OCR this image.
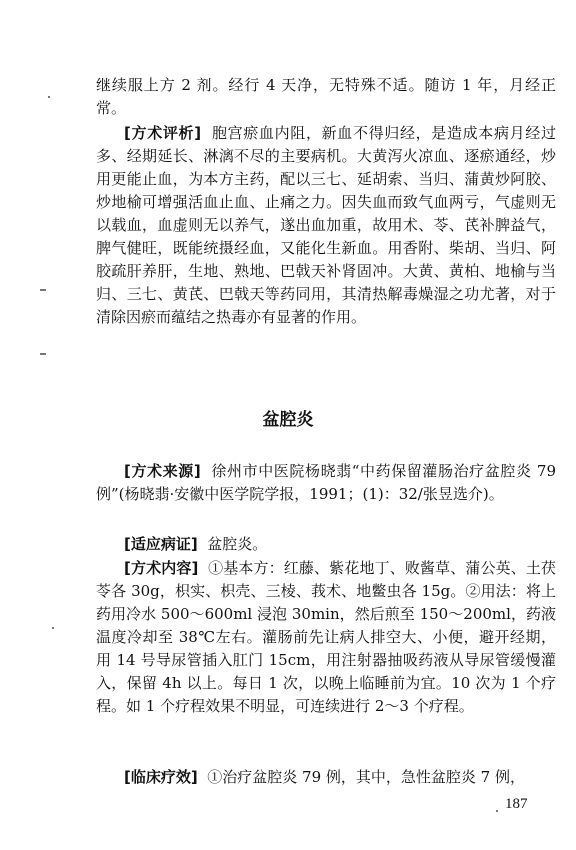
继续服上方 2 剂。经行 4 天净，无特殊不适。随访 1 年，月经正常。

[方术评析] 胞宫瘀血内阻，新血不得归经，是造成本病月经过多、经期延长、淋漓不尽的主要病机。大黄泻火凉血、逐瘀通经，炒用更能止血，为本方主药，配以三七、延胡索、当归、蒲黄炒阿胶、炒地榆可增强活血止血、止痛之力。因失血而致气血两亏，气虚则无以载血，血虚则无以养气，遂出血加重，故用术、苓、芪补脾益气，脾气健旺，既能统摄经血，又能化生新血。用香附、柴胡、当归、阿胶疏肝养肝，生地、熟地、巴戟天补肾固冲。大黄、黄柏、地榆与当归、三七、黄芪、巴戟天等药同用，其清热解毒燥湿之功尤著，对于清除因瘀而蕴结之热毒亦有显著的作用。

盆腔炎

[方术来源] 徐州市中医院杨晓翡“中药保留灌肠治疗盆腔炎 79 例”(杨晓翡·安徽中医学院学报，1991；(1)：32/张昱选介)。

[适应病证] 盆腔炎。

[方术内容] ①基本方：红藤、紫花地丁、败酱草、蒲公英、土茯苓各 30g，枳实、枳壳、三棱、莪术、地鳖虫各 15g。②用法：将上药用冷水 500～600ml 浸泡 30min，然后煎至 150～200ml，药液温度冷却至 38℃左右。灌肠前先让病人排空大、小便，避开经期，用 14 号导尿管插入肛门 15cm，用注射器抽吸药液从导尿管缓慢灌入，保留 4h 以上。每日 1 次，以晚上临睡前为宜。10 次为 1 个疗程。如 1 个疗程效果不明显，可连续进行 2～3 个疗程。

[临床疗效] ①治疗盆腔炎 79 例，其中，急性盆腔炎 7 例，

187
